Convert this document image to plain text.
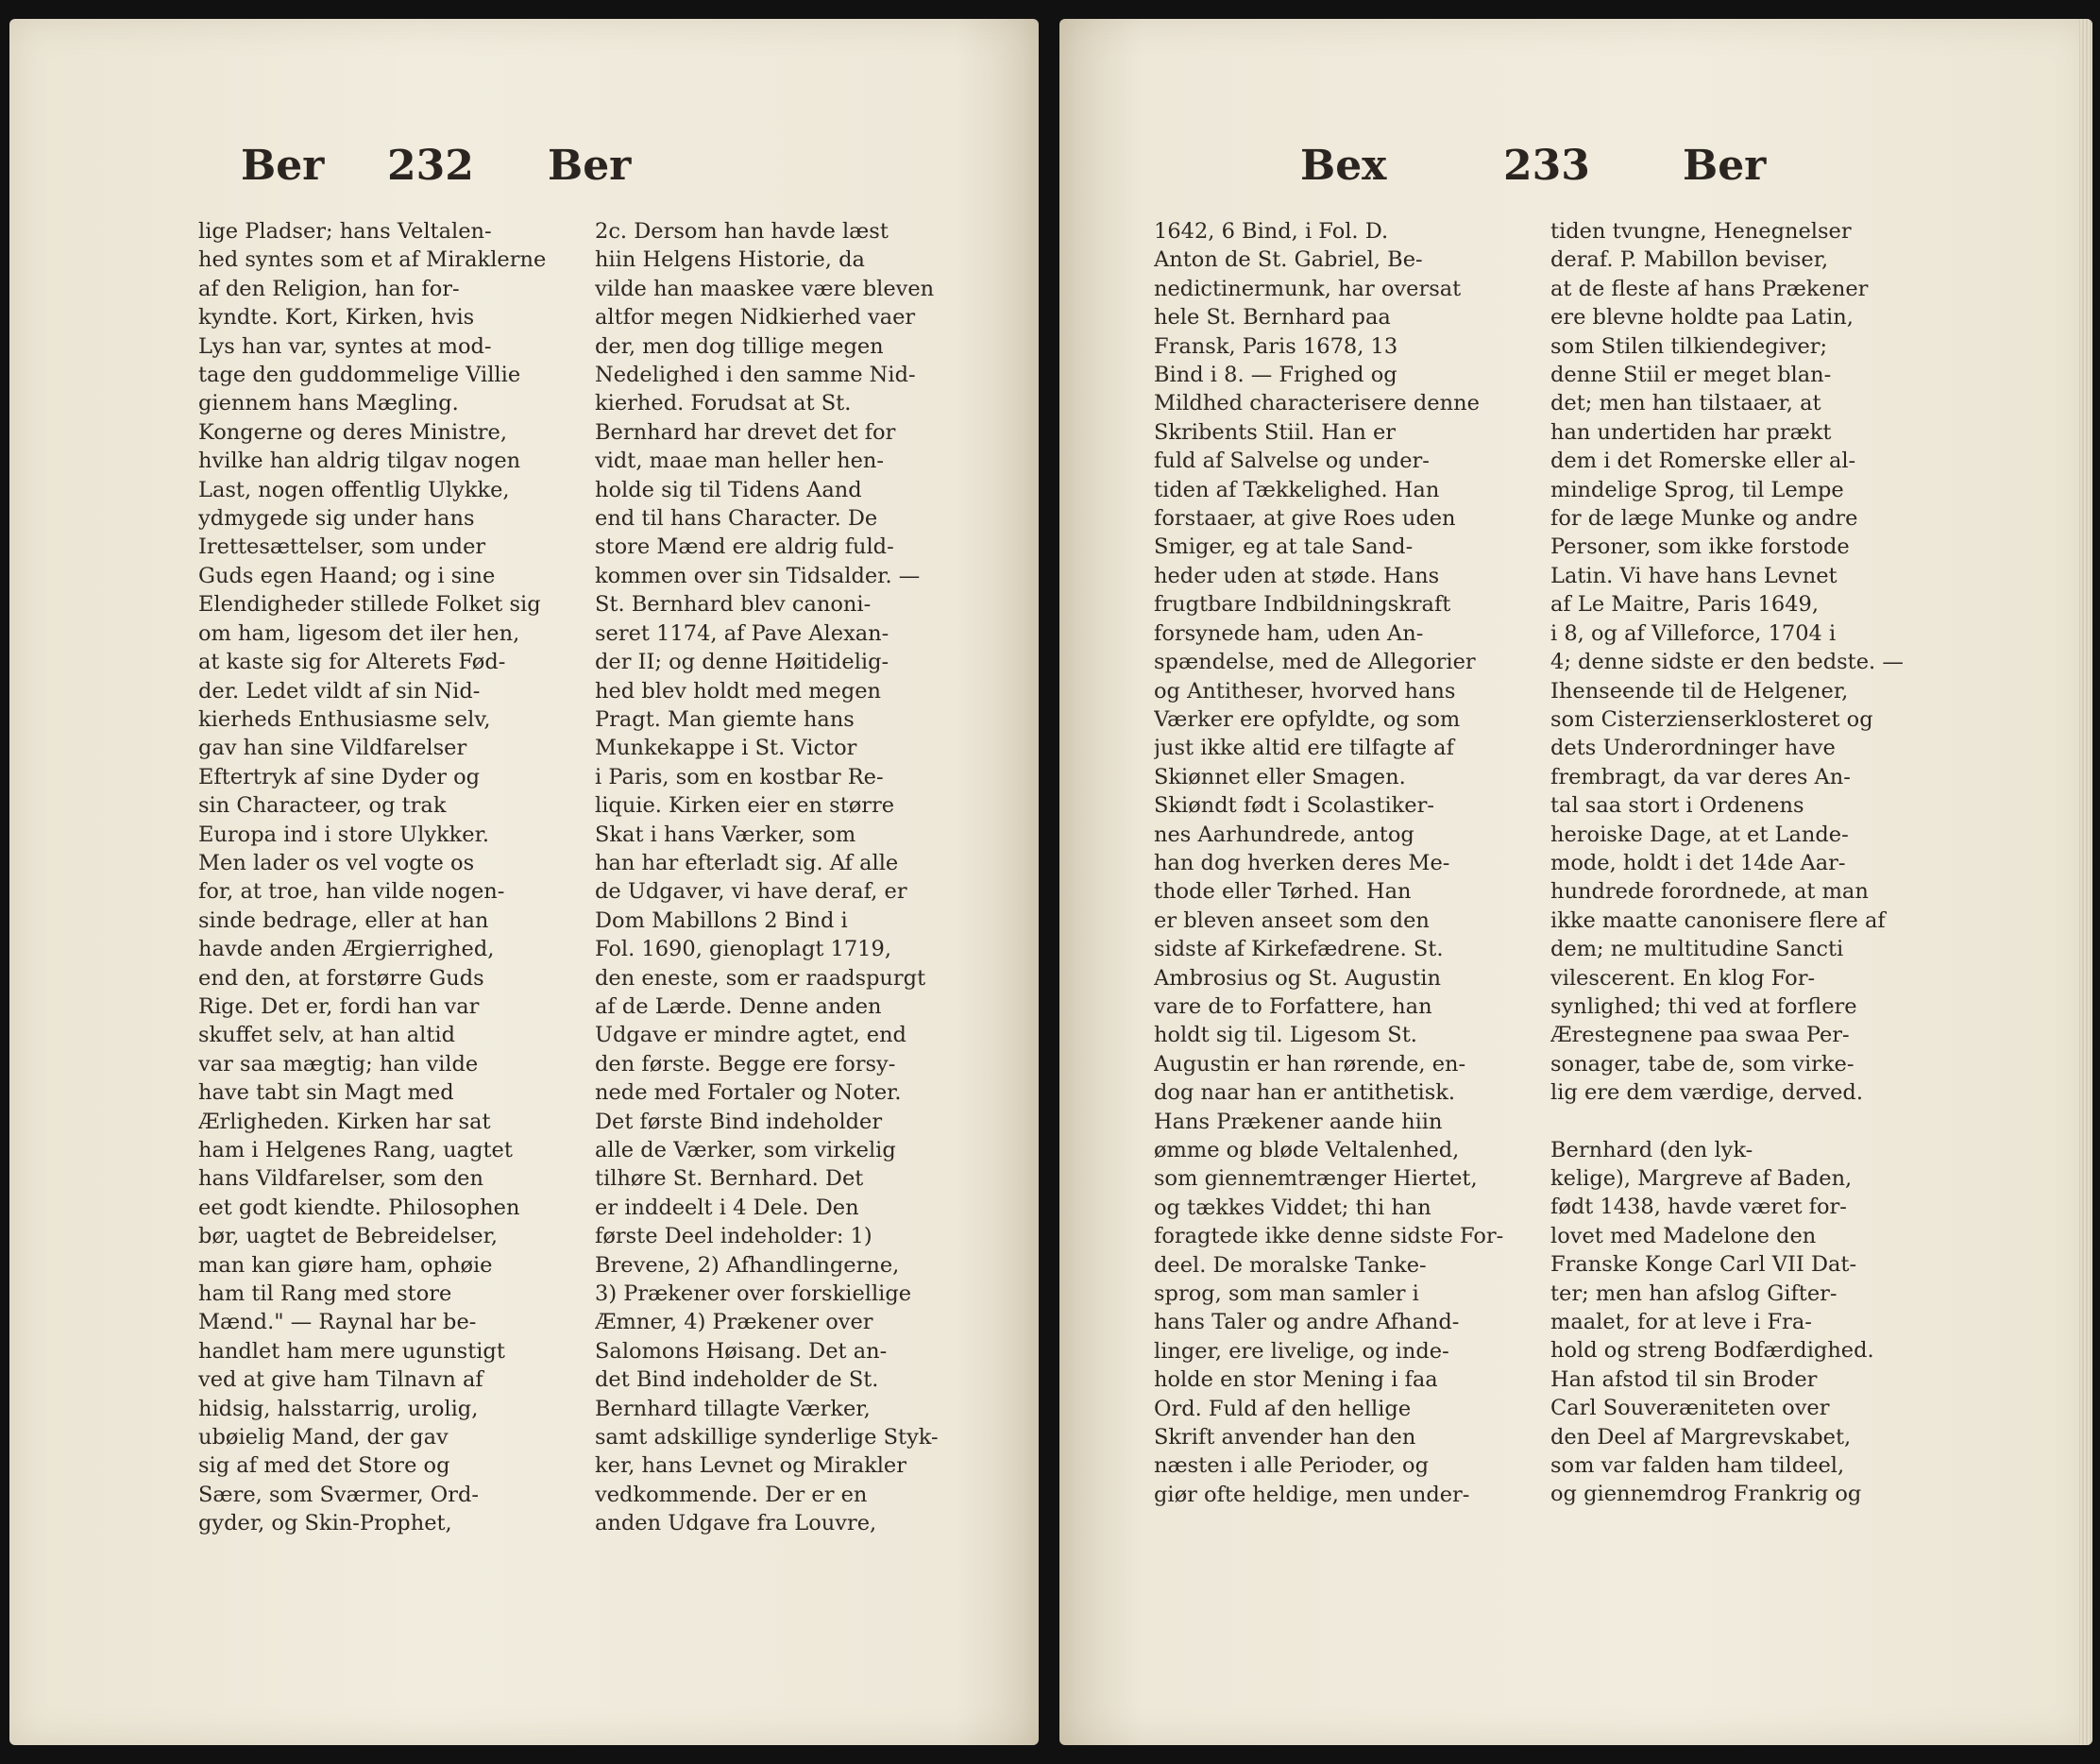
Ber 232 Ber
lige Pladser; hans Veltalen-
hed syntes som et af Miraklerne
af den Religion, han for-
kyndte. Kort, Kirken, hvis
Lys han var, syntes at mod-
tage den guddommelige Villie
giennem hans Mægling.
Kongerne og deres Ministre,
hvilke han aldrig tilgav nogen
Last, nogen offentlig Ulykke,
ydmygede sig under hans
Irettesættelser, som under
Guds egen Haand; og i sine
Elendigheder stillede Folket sig
om ham, ligesom det iler hen,
at kaste sig for Alterets Fød-
der. Ledet vildt af sin Nid-
kierheds Enthusiasme selv,
gav han sine Vildfarelser
Eftertryk af sine Dyder og
sin Characteer, og trak
Europa ind i store Ulykker.
Men lader os vel vogte os
for, at troe, han vilde nogen-
sinde bedrage, eller at han
havde anden Ærgierrighed,
end den, at forstørre Guds
Rige. Det er, fordi han var
skuffet selv, at han altid
var saa mægtig; han vilde
have tabt sin Magt med
Ærligheden. Kirken har sat
ham i Helgenes Rang, uagtet
hans Vildfarelser, som den
eet godt kiendte. Philosophen
bør, uagtet de Bebreidelser,
man kan giøre ham, ophøie
ham til Rang med store
Mænd." — Raynal har be-
handlet ham mere ugunstigt
ved at give ham Tilnavn af
hidsig, halsstarrig, urolig,
ubøielig Mand, der gav
sig af med det Store og
Sære, som Sværmer, Ord-
gyder, og Skin-Prophet,
2c. Dersom han havde læst
hiin Helgens Historie, da
vilde han maaskee være bleven
altfor megen Nidkierhed vaer
der, men dog tillige megen
Nedelighed i den samme Nid-
kierhed. Forudsat at St.
Bernhard har drevet det for
vidt, maae man heller hen-
holde sig til Tidens Aand
end til hans Character. De
store Mænd ere aldrig fuld-
kommen over sin Tidsalder. —
St. Bernhard blev canoni-
seret 1174, af Pave Alexan-
der II; og denne Høitidelig-
hed blev holdt med megen
Pragt. Man giemte hans
Munkekappe i St. Victor
i Paris, som en kostbar Re-
liquie. Kirken eier en større
Skat i hans Værker, som
han har efterladt sig. Af alle
de Udgaver, vi have deraf, er
Dom Mabillons 2 Bind i
Fol. 1690, gienoplagt 1719,
den eneste, som er raadspurgt
af de Lærde. Denne anden
Udgave er mindre agtet, end
den første. Begge ere forsy-
nede med Fortaler og Noter.
Det første Bind indeholder
alle de Værker, som virkelig
tilhøre St. Bernhard. Det
er inddeelt i 4 Dele. Den
første Deel indeholder: 1)
Brevene, 2) Afhandlingerne,
3) Prækener over forskiellige
Æmner, 4) Prækener over
Salomons Høisang. Det an-
det Bind indeholder de St.
Bernhard tillagte Værker,
samt adskillige synderlige Styk-
ker, hans Levnet og Mirakler
vedkommende. Der er en
anden Udgave fra Louvre,
Bex	233 Ber
1642, 6 Bind, i Fol. D.
Anton de St. Gabriel, Be-
nedictinermunk, har oversat
hele St. Bernhard paa
Fransk, Paris 1678, 13
Bind i 8. — Frighed og
Mildhed characterisere denne
Skribents Stiil. Han er
fuld af Salvelse og under-
tiden af Tækkelighed. Han
forstaaer, at give Roes uden
Smiger, eg at tale Sand-
heder uden at støde. Hans
frugtbare Indbildningskraft
forsynede ham, uden An-
spændelse, med de Allegorier
og Antitheser, hvorved hans
Værker ere opfyldte, og som
just ikke altid ere tilfagte af
Skiønnet eller Smagen.
Skiøndt født i Scolastiker-
nes Aarhundrede, antog
han dog hverken deres Me-
thode eller Tørhed. Han
er bleven anseet som den
sidste af Kirkefædrene. St.
Ambrosius og St. Augustin
vare de to Forfattere, han
holdt sig til. Ligesom St.
Augustin er han rørende, en-
dog naar han er antithetisk.
Hans Prækener aande hiin
ømme og bløde Veltalenhed,
som giennemtrænger Hiertet,
og tækkes Viddet; thi han
foragtede ikke denne sidste For-
deel. De moralske Tanke-
sprog, som man samler i
hans Taler og andre Afhand-
linger, ere livelige, og inde-
holde en stor Mening i faa
Ord. Fuld af den hellige
Skrift anvender han den
næsten i alle Perioder, og
giør ofte heldige, men under-
tiden tvungne, Henegnelser
deraf. P. Mabillon beviser,
at de fleste af hans Prækener
ere blevne holdte paa Latin,
som Stilen tilkiendegiver;
denne Stiil er meget blan-
det; men han tilstaaer, at
han undertiden har prækt
dem i det Romerske eller al-
mindelige Sprog, til Lempe
for de læge Munke og andre
Personer, som ikke forstode
Latin. Vi have hans Levnet
af Le Maitre, Paris 1649,
i 8, og af Villeforce, 1704 i
4; denne sidste er den bedste. —
Ihenseende til de Helgener,
som Cisterzienserklosteret og
dets Underordninger have
frembragt, da var deres An-
tal saa stort i Ordenens
heroiske Dage, at et Lande-
mode, holdt i det 14de Aar-
hundrede forordnede, at man
ikke maatte canonisere flere af
dem; ne multitudine Sancti
vilescerent. En klog For-
synlighed; thi ved at forflere
Ærestegnene paa swaa Per-
sonager, tabe de, som virke-
lig ere dem værdige, derved.
Bernhard (den lyk-
kelige), Margreve af Baden,
født 1438, havde været for-
lovet med Madelone den
Franske Konge Carl VII Dat-
ter; men han afslog Gifter-
maalet, for at leve i Fra-
hold og streng Bodfærdighed.
Han afstod til sin Broder
Carl Souveræniteten over
den Deel af Margrevskabet,
som var falden ham tildeel,
og giennemdrog Frankrig og
